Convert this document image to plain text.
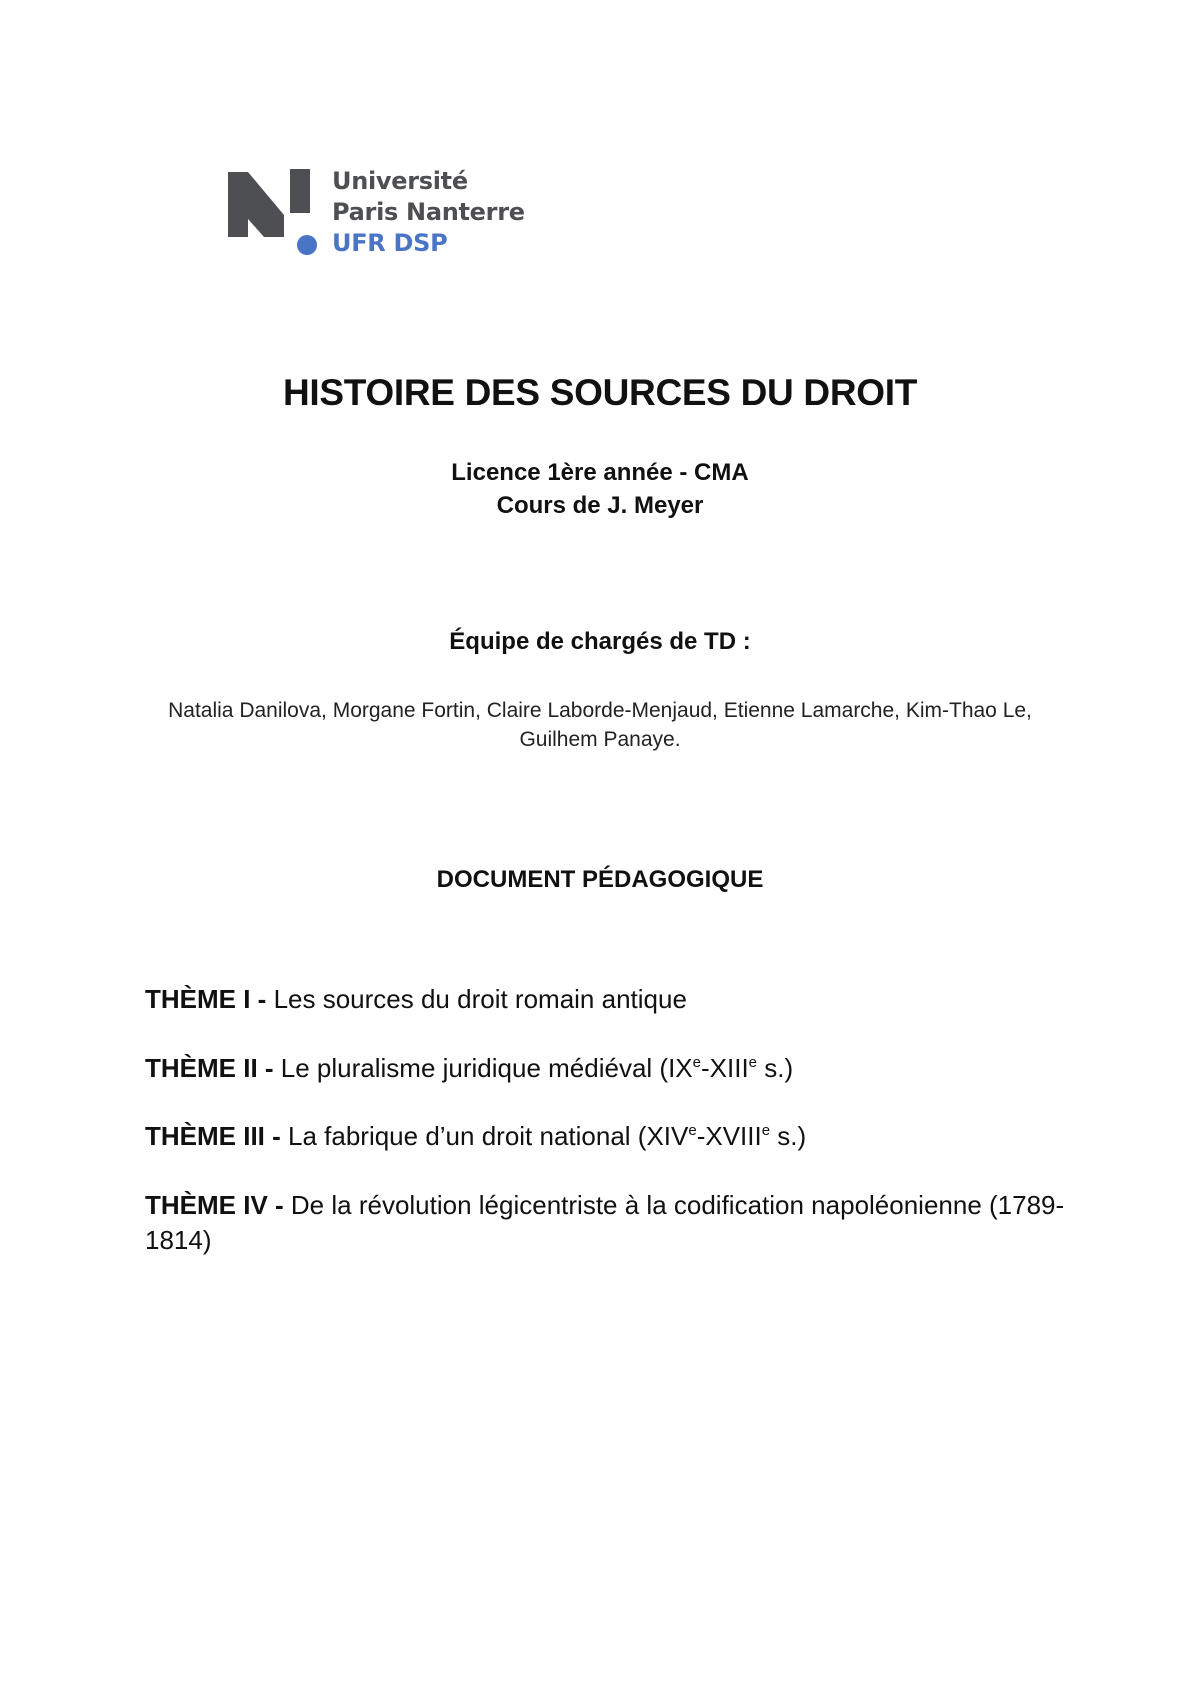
Université
Paris Nanterre
UFR DSP
HISTOIRE DES SOURCES DU DROIT
Licence 1ère année - CMA
Cours de J. Meyer
Équipe de chargés de TD :
Natalia Danilova, Morgane Fortin, Claire Laborde-Menjaud, Etienne Lamarche, Kim-Thao Le, Guilhem Panaye.
DOCUMENT PÉDAGOGIQUE

THÈME I - Les sources du droit romain antique

THÈME II - Le pluralisme juridique médiéval (IXe-XIIIe s.)

THÈME III - La fabrique d’un droit national (XIVe-XVIIIe s.)

THÈME IV - De la révolution légicentriste à la codification napoléonienne (1789-1814)
